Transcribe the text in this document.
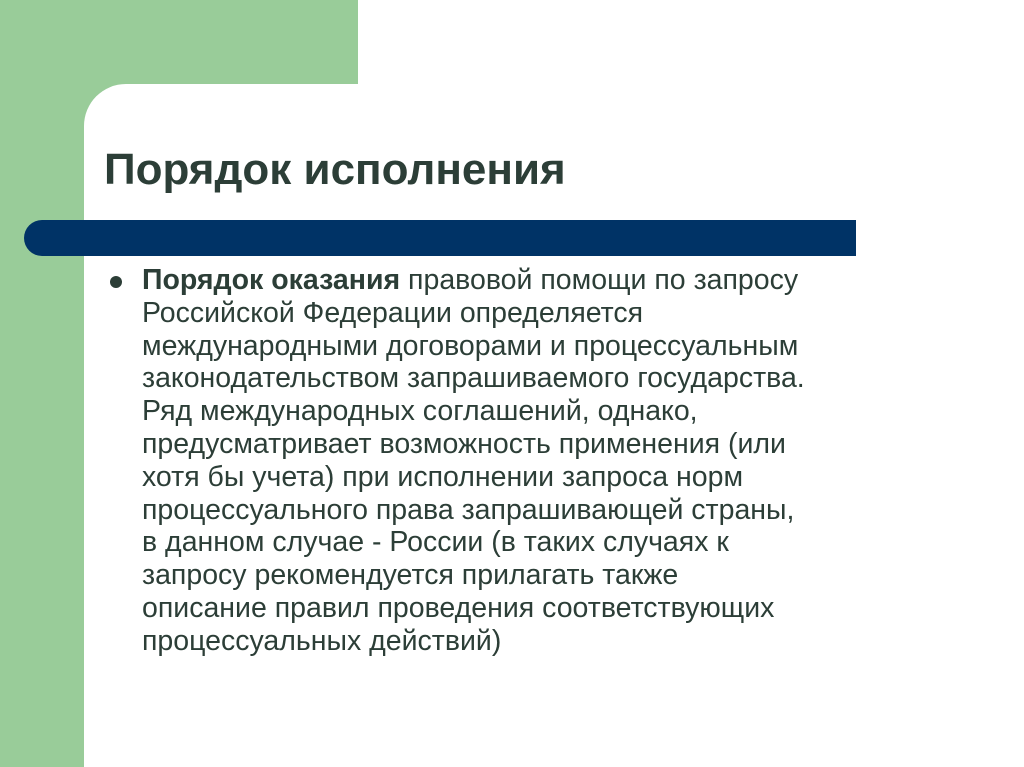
Порядок исполнения

Порядок оказания правовой помощи по запросу
Российской Федерации определяется
международными договорами и процессуальным
законодательством запрашиваемого государства.
Ряд международных соглашений, однако,
предусматривает возможность применения (или
хотя бы учета) при исполнении запроса норм
процессуального права запрашивающей страны,
в данном случае - России (в таких случаях к
запросу рекомендуется прилагать также
описание правил проведения соответствующих
процессуальных действий)
